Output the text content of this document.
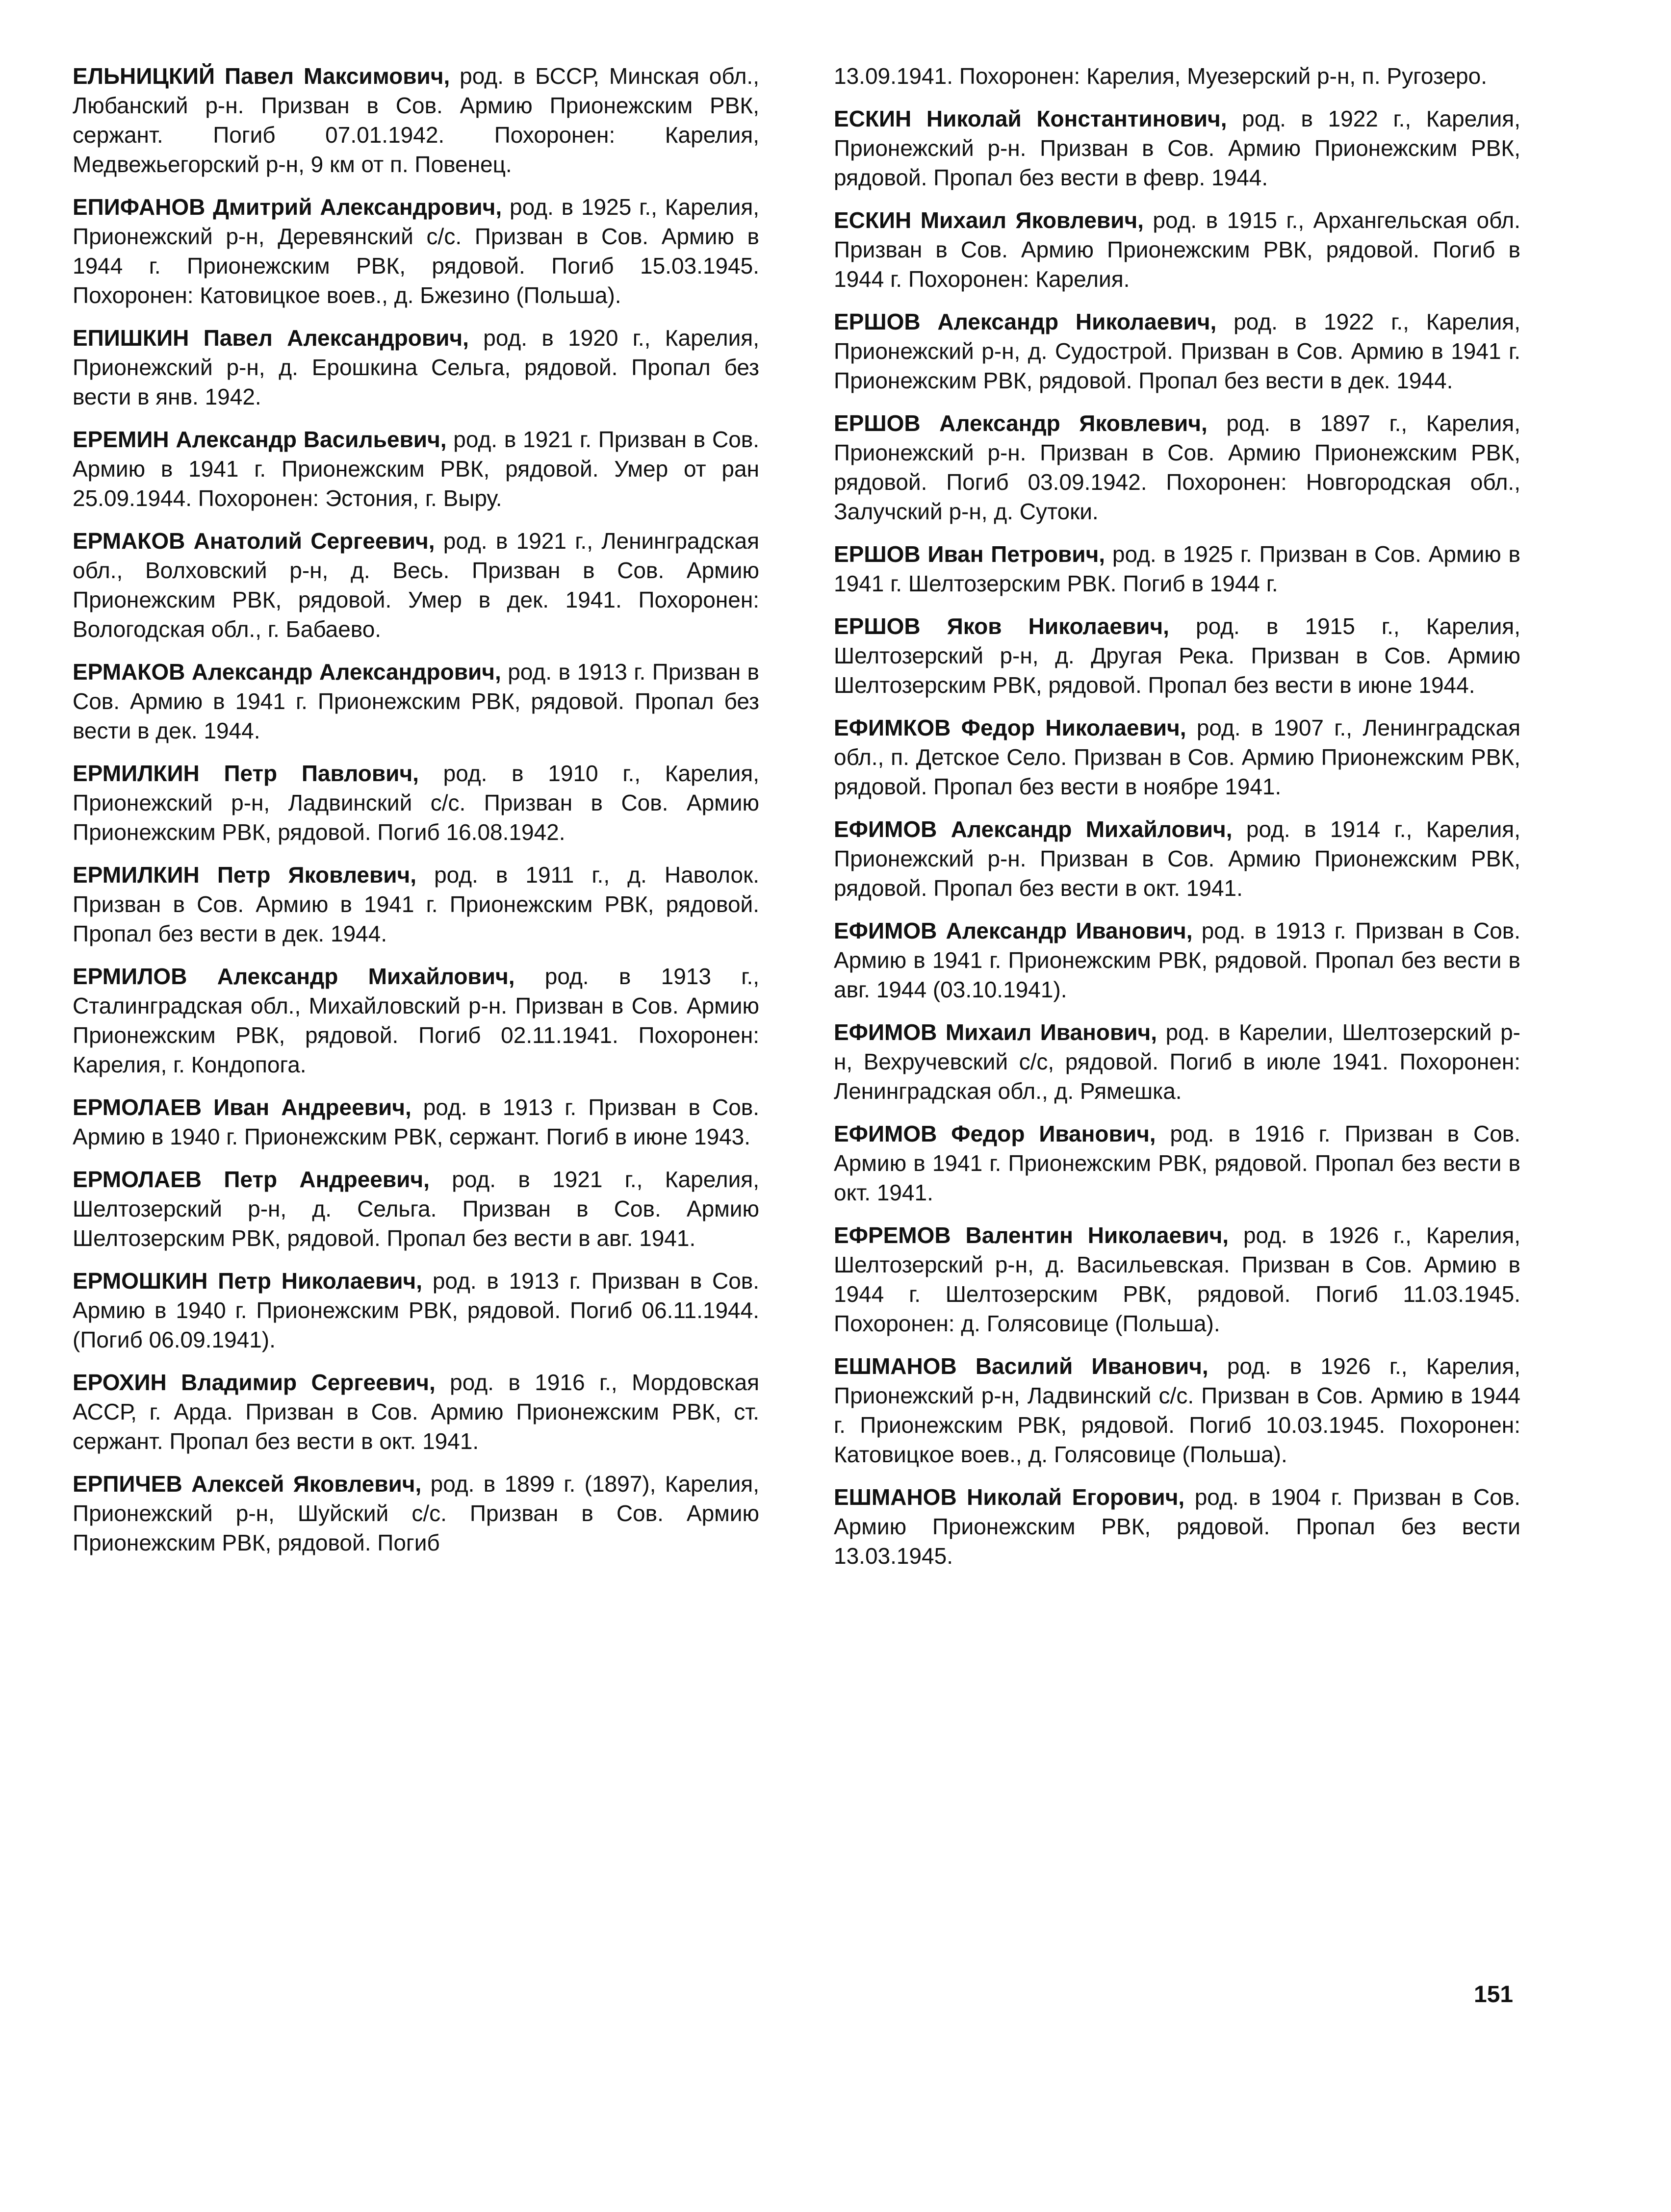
ЕЛЬНИЦКИЙ Павел Максимович, род. в БССР, Минская обл., Любанский р-н. Призван в Сов. Армию Прионежским РВК, сержант. Погиб 07.01.1942. Похоронен: Карелия, Медвежьегорский р-н, 9 км от п. Повенец.

ЕПИФАНОВ Дмитрий Александрович, род. в 1925 г., Карелия, Прионежский р-н, Деревянский с/с. Призван в Сов. Армию в 1944 г. Прионежским РВК, рядовой. Погиб 15.03.1945. Похоронен: Катовицкое воев., д. Бжезино (Польша).

ЕПИШКИН Павел Александрович, род. в 1920 г., Карелия, Прионежский р-н, д. Ерошкина Сельга, рядовой. Пропал без вести в янв. 1942.

ЕРЕМИН Александр Васильевич, род. в 1921 г. Призван в Сов. Армию в 1941 г. Прионежским РВК, рядовой. Умер от ран 25.09.1944. Похоронен: Эстония, г. Выру.

ЕРМАКОВ Анатолий Сергеевич, род. в 1921 г., Ленинградская обл., Волховский р-н, д. Весь. Призван в Сов. Армию Прионежским РВК, рядовой. Умер в дек. 1941. Похоронен: Вологодская обл., г. Бабаево.

ЕРМАКОВ Александр Александрович, род. в 1913 г. Призван в Сов. Армию в 1941 г. Прионежским РВК, рядовой. Пропал без вести в дек. 1944.

ЕРМИЛКИН Петр Павлович, род. в 1910 г., Карелия, Прионежский р-н, Ладвинский с/с. Призван в Сов. Армию Прионежским РВК, рядовой. Погиб 16.08.1942.

ЕРМИЛКИН Петр Яковлевич, род. в 1911 г., д. Наволок. Призван в Сов. Армию в 1941 г. Прионежским РВК, рядовой. Пропал без вести в дек. 1944.

ЕРМИЛОВ Александр Михайлович, род. в 1913 г., Сталинградская обл., Михайловский р-н. Призван в Сов. Армию Прионежским РВК, рядовой. Погиб 02.11.1941. Похоронен: Карелия, г. Кондопога.

ЕРМОЛАЕВ Иван Андреевич, род. в 1913 г. Призван в Сов. Армию в 1940 г. Прионежским РВК, сержант. Погиб в июне 1943.

ЕРМОЛАЕВ Петр Андреевич, род. в 1921 г., Карелия, Шелтозерский р-н, д. Сельга. Призван в Сов. Армию Шелтозерским РВК, рядовой. Пропал без вести в авг. 1941.

ЕРМОШКИН Петр Николаевич, род. в 1913 г. Призван в Сов. Армию в 1940 г. Прионежским РВК, рядовой. Погиб 06.11.1944. (Погиб 06.09.1941).

ЕРОХИН Владимир Сергеевич, род. в 1916 г., Мордовская АССР, г. Арда. Призван в Сов. Армию Прионежским РВК, ст. сержант. Пропал без вести в окт. 1941.

ЕРПИЧЕВ Алексей Яковлевич, род. в 1899 г. (1897), Карелия, Прионежский р-н, Шуйский с/с. Призван в Сов. Армию Прионежским РВК, рядовой. Погиб

13.09.1941. Похоронен: Карелия, Муезерский р-н, п. Ругозеро.

ЕСКИН Николай Константинович, род. в 1922 г., Карелия, Прионежский р-н. Призван в Сов. Армию Прионежским РВК, рядовой. Пропал без вести в февр. 1944.

ЕСКИН Михаил Яковлевич, род. в 1915 г., Архангельская обл. Призван в Сов. Армию Прионежским РВК, рядовой. Погиб в 1944 г. Похоронен: Карелия.

ЕРШОВ Александр Николаевич, род. в 1922 г., Карелия, Прионежский р-н, д. Судострой. Призван в Сов. Армию в 1941 г. Прионежским РВК, рядовой. Пропал без вести в дек. 1944.

ЕРШОВ Александр Яковлевич, род. в 1897 г., Карелия, Прионежский р-н. Призван в Сов. Армию Прионежским РВК, рядовой. Погиб 03.09.1942. Похоронен: Новгородская обл., Залучский р-н, д. Сутоки.

ЕРШОВ Иван Петрович, род. в 1925 г. Призван в Сов. Армию в 1941 г. Шелтозерским РВК. Погиб в 1944 г.

ЕРШОВ Яков Николаевич, род. в 1915 г., Карелия, Шелтозерский р-н, д. Другая Река. Призван в Сов. Армию Шелтозерским РВК, рядовой. Пропал без вести в июне 1944.

ЕФИМКОВ Федор Николаевич, род. в 1907 г., Ленинградская обл., п. Детское Село. Призван в Сов. Армию Прионежским РВК, рядовой. Пропал без вести в ноябре 1941.

ЕФИМОВ Александр Михайлович, род. в 1914 г., Карелия, Прионежский р-н. Призван в Сов. Армию Прионежским РВК, рядовой. Пропал без вести в окт. 1941.

ЕФИМОВ Александр Иванович, род. в 1913 г. Призван в Сов. Армию в 1941 г. Прионежским РВК, рядовой. Пропал без вести в авг. 1944 (03.10.1941).

ЕФИМОВ Михаил Иванович, род. в Карелии, Шелтозерский р-н, Вехручевский с/с, рядовой. Погиб в июле 1941. Похоронен: Ленинградская обл., д. Рямешка.

ЕФИМОВ Федор Иванович, род. в 1916 г. Призван в Сов. Армию в 1941 г. Прионежским РВК, рядовой. Пропал без вести в окт. 1941.

ЕФРЕМОВ Валентин Николаевич, род. в 1926 г., Карелия, Шелтозерский р-н, д. Васильевская. Призван в Сов. Армию в 1944 г. Шелтозерским РВК, рядовой. Погиб 11.03.1945. Похоронен: д. Голясовице (Польша).

ЕШМАНОВ Василий Иванович, род. в 1926 г., Карелия, Прионежский р-н, Ладвинский с/с. Призван в Сов. Армию в 1944 г. Прионежским РВК, рядовой. Погиб 10.03.1945. Похоронен: Катовицкое воев., д. Голясовице (Польша).

ЕШМАНОВ Николай Егорович, род. в 1904 г. Призван в Сов. Армию Прионежским РВК, рядовой. Пропал без вести 13.03.1945.

151
